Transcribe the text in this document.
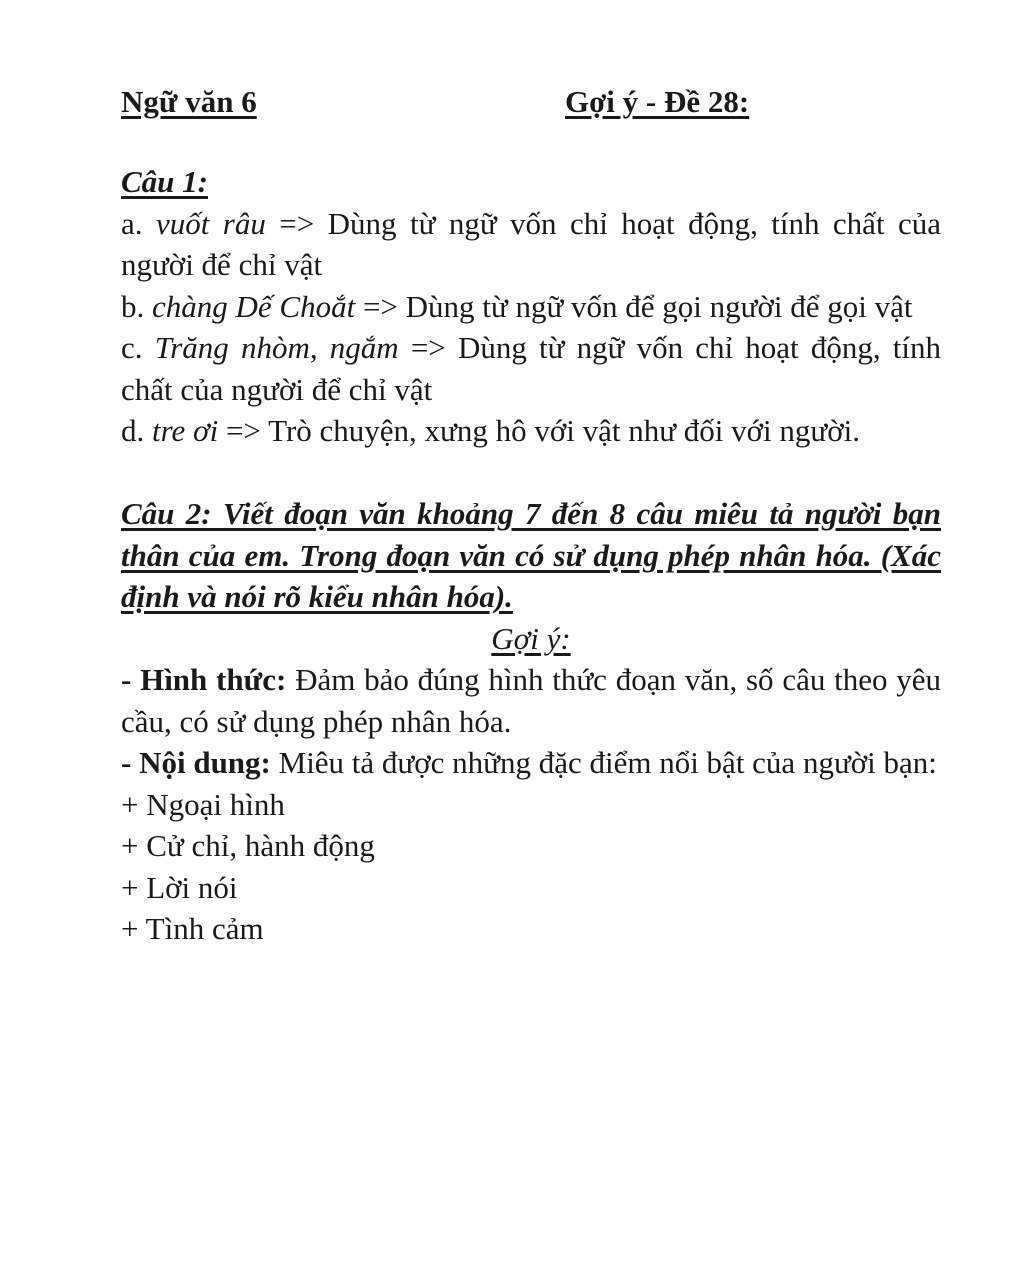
Ngữ văn 6	Gợi ý - Đề 28:

Câu 1:

a. vuốt râu => Dùng từ ngữ vốn chỉ hoạt động, tính chất của người để chỉ vật

b. chàng Dế Choắt => Dùng từ ngữ vốn để gọi người để gọi vật

c. Trăng nhòm, ngắm => Dùng từ ngữ vốn chỉ hoạt động, tính chất của người để chỉ vật

d. tre ơi => Trò chuyện, xưng hô với vật như đối với người.

Câu 2: Viết đoạn văn khoảng 7 đến 8 câu miêu tả người bạn thân của em. Trong đoạn văn có sử dụng phép nhân hóa. (Xác định và nói rõ kiểu nhân hóa).

Gợi ý:

- Hình thức: Đảm bảo đúng hình thức đoạn văn, số câu theo yêu cầu, có sử dụng phép nhân hóa.

- Nội dung: Miêu tả được những đặc điểm nổi bật của người bạn:

+ Ngoại hình

+ Cử chỉ, hành động

+ Lời nói

+ Tình cảm
